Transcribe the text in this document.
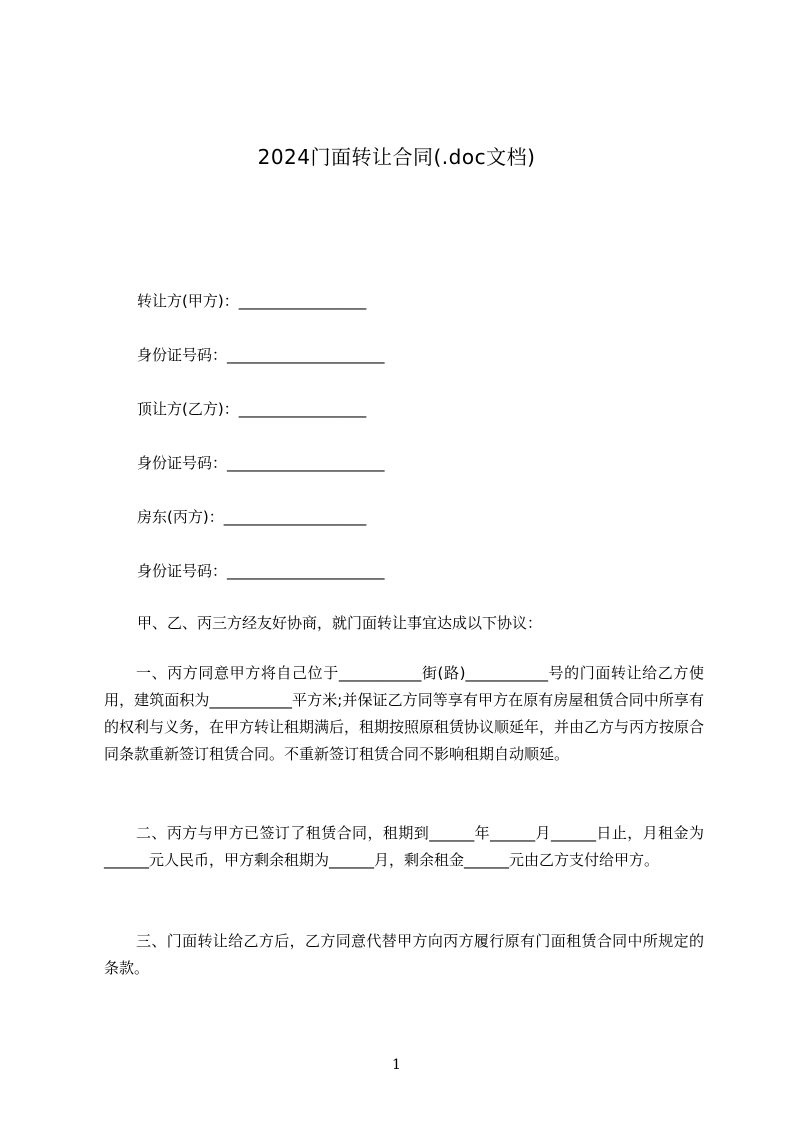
2024门面转让合同(.doc文档)
转让方(甲方)：_________________
身份证号码：_____________________
顶让方(乙方)：_________________
身份证号码：_____________________
房东(丙方)：___________________
身份证号码：_____________________
甲、乙、丙三方经友好协商，就门面转让事宜达成以下协议：
一、丙方同意甲方将自己位于___________街(路)___________号的门面转让给乙方使用，建筑面积为___________平方米;并保证乙方同等享有甲方在原有房屋租赁合同中所享有的权利与义务，在甲方转让租期满后，租期按照原租赁协议顺延年，并由乙方与丙方按原合同条款重新签订租赁合同。不重新签订租赁合同不影响租期自动顺延。
二、丙方与甲方已签订了租赁合同，租期到______年______月______日止，月租金为______元人民币，甲方剩余租期为______月，剩余租金______元由乙方支付给甲方。
三、门面转让给乙方后，乙方同意代替甲方向丙方履行原有门面租赁合同中所规定的条款。
1
